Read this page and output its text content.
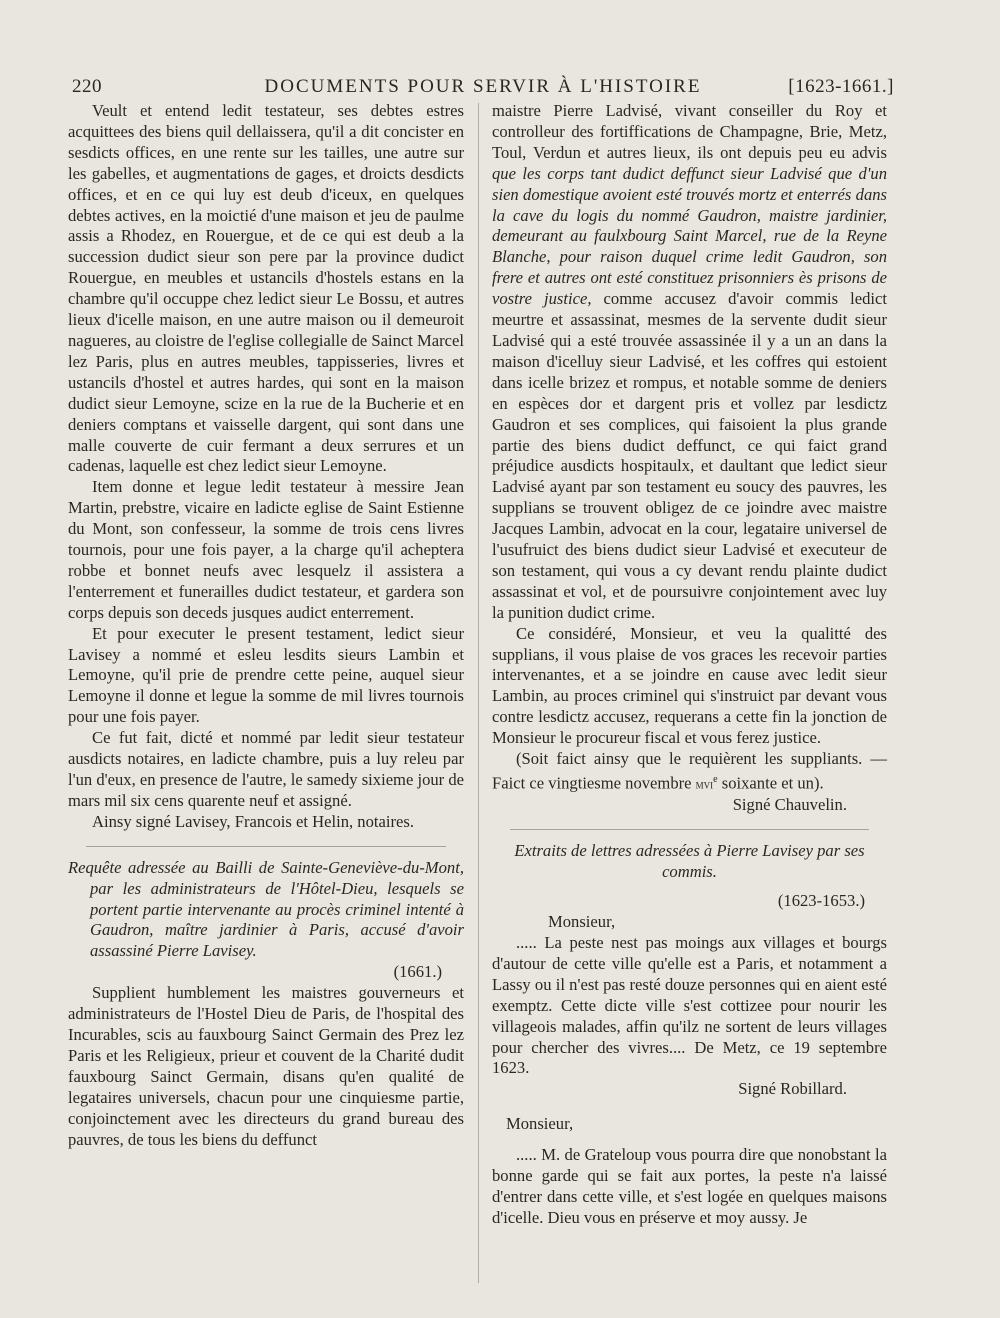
220	DOCUMENTS POUR SERVIR À L'HISTOIRE	[1623-1661.]

Veult et entend ledit testateur, ses debtes estres acquittees des biens quil dellaissera, qu'il a dit concister en sesdicts offices, en une rente sur les tailles, une autre sur les gabelles, et augmentations de gages, et droicts desdicts offices, et en ce qui luy est deub d'iceux, en quelques debtes actives, en la moictié d'une maison et jeu de paulme assis a Rhodez, en Rouergue, et de ce qui est deub a la succession dudict sieur son pere par la province dudict Rouergue, en meubles et ustancils d'hostels estans en la chambre qu'il occuppe chez ledict sieur Le Bossu, et autres lieux d'icelle maison, en une autre maison ou il demeuroit nagueres, au cloistre de l'eglise collegialle de Sainct Marcel lez Paris, plus en autres meubles, tappisseries, livres et ustancils d'hostel et autres hardes, qui sont en la maison dudict sieur Lemoyne, scize en la rue de la Bucherie et en deniers comptans et vaisselle dargent, qui sont dans une malle couverte de cuir fermant a deux serrures et un cadenas, laquelle est chez ledict sieur Lemoyne.

Item donne et legue ledit testateur à messire Jean Martin, prebstre, vicaire en ladicte eglise de Saint Estienne du Mont, son confesseur, la somme de trois cens livres tournois, pour une fois payer, a la charge qu'il acheptera robbe et bonnet neufs avec lesquelz il assistera a l'enterrement et funerailles dudict testateur, et gardera son corps depuis son deceds jusques audict enterrement.

Et pour executer le present testament, ledict sieur Lavisey a nommé et esleu lesdits sieurs Lambin et Lemoyne, qu'il prie de prendre cette peine, auquel sieur Lemoyne il donne et legue la somme de mil livres tournois pour une fois payer.

Ce fut fait, dicté et nommé par ledit sieur testateur ausdicts notaires, en ladicte chambre, puis a luy releu par l'un d'eux, en presence de l'autre, le samedy sixieme jour de mars mil six cens quarente neuf et assigné.

Ainsy signé Lavisey, Francois et Helin, notaires.

Requête adressée au Bailli de Sainte-Geneviève-du-Mont, par les administrateurs de l'Hôtel-Dieu, lesquels se portent partie intervenante au procès criminel intenté à Gaudron, maître jardinier à Paris, accusé d'avoir assassiné Pierre Lavisey.

(1661.)

Supplient humblement les maistres gouverneurs et administrateurs de l'Hostel Dieu de Paris, de l'hospital des Incurables, scis au fauxbourg Sainct Germain des Prez lez Paris et les Religieux, prieur et couvent de la Charité dudit fauxbourg Sainct Germain, disans qu'en qualité de legataires universels, chacun pour une cinquiesme partie, conjoinctement avec les directeurs du grand bureau des pauvres, de tous les biens du deffunct

maistre Pierre Ladvisé, vivant conseiller du Roy et controlleur des fortiffications de Champagne, Brie, Metz, Toul, Verdun et autres lieux, ils ont depuis peu eu advis que les corps tant dudict deffunct sieur Ladvisé que d'un sien domestique avoient esté trouvés mortz et enterrés dans la cave du logis du nommé Gaudron, maistre jardinier, demeurant au faulxbourg Saint Marcel, rue de la Reyne Blanche, pour raison duquel crime ledit Gaudron, son frere et autres ont esté constituez prisonniers ès prisons de vostre justice, comme accusez d'avoir commis ledict meurtre et assassinat, mesmes de la servente dudit sieur Ladvisé qui a esté trouvée assassinée il y a un an dans la maison d'icelluy sieur Ladvisé, et les coffres qui estoient dans icelle brizez et rompus, et notable somme de deniers en espèces dor et dargent pris et vollez par lesdictz Gaudron et ses complices, qui faisoient la plus grande partie des biens dudict deffunct, ce qui faict grand préjudice ausdicts hospitaulx, et daultant que ledict sieur Ladvisé ayant par son testament eu soucy des pauvres, les supplians se trouvent obligez de ce joindre avec maistre Jacques Lambin, advocat en la cour, legataire universel de l'usufruict des biens dudict sieur Ladvisé et executeur de son testament, qui vous a cy devant rendu plainte dudict assassinat et vol, et de poursuivre conjointement avec luy la punition dudict crime.

Ce considéré, Monsieur, et veu la qualitté des supplians, il vous plaise de vos graces les recevoir parties intervenantes, et a se joindre en cause avec ledit sieur Lambin, au proces criminel qui s'instruict par devant vous contre lesdictz accusez, requerans a cette fin la jonction de Monsieur le procureur fiscal et vous ferez justice.

(Soit faict ainsy que le requièrent les suppliants. — Faict ce vingtiesme novembre mvi$^e$ soixante et un).

Signé Chauvelin.

Extraits de lettres adressées à Pierre Lavisey par ses commis.

(1623-1653.)

Monsieur,

..... La peste nest pas moings aux villages et bourgs d'autour de cette ville qu'elle est a Paris, et notamment a Lassy ou il n'est pas resté douze personnes qui en aient esté exemptz. Cette dicte ville s'est cottizee pour nourir les villageois malades, affin qu'ilz ne sortent de leurs villages pour chercher des vivres.... De Metz, ce 19 septembre 1623.

Signé Robillard.

Monsieur,

..... M. de Grateloup vous pourra dire que nonobstant la bonne garde qui se fait aux portes, la peste n'a laissé d'entrer dans cette ville, et s'est logée en quelques maisons d'icelle. Dieu vous en préserve et moy aussy. Je
